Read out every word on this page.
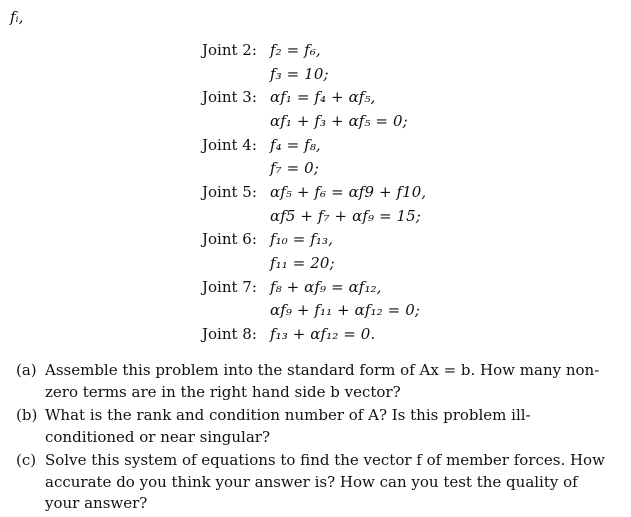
fᵢ,
Joint 2: f₂ = f₆,
f₃ = 10;
Joint 3: αf₁ = f₄ + αf₅,
αf₁ + f₃ + αf₅ = 0;
Joint 4: f₄ = f₈,
f₇ = 0;
Joint 5: αf₅ + f₆ = αf9 + f10,
αf5 + f₇ + αf₉ = 15;
Joint 6: f₁₀ = f₁₃,
f₁₁ = 20;
Joint 7: f₈ + αf₉ = αf₁₂,
αf₉ + f₁₁ + αf₁₂ = 0;
Joint 8: f₁₃ + αf₁₂ = 0.
(a) Assemble this problem into the standard form of Ax = b. How many non-zero terms are in the right hand side b vector?
(b) What is the rank and condition number of A? Is this problem ill-conditioned or near singular?
(c) Solve this system of equations to find the vector f of member forces. How accurate do you think your answer is? How can you test the quality of your answer?
